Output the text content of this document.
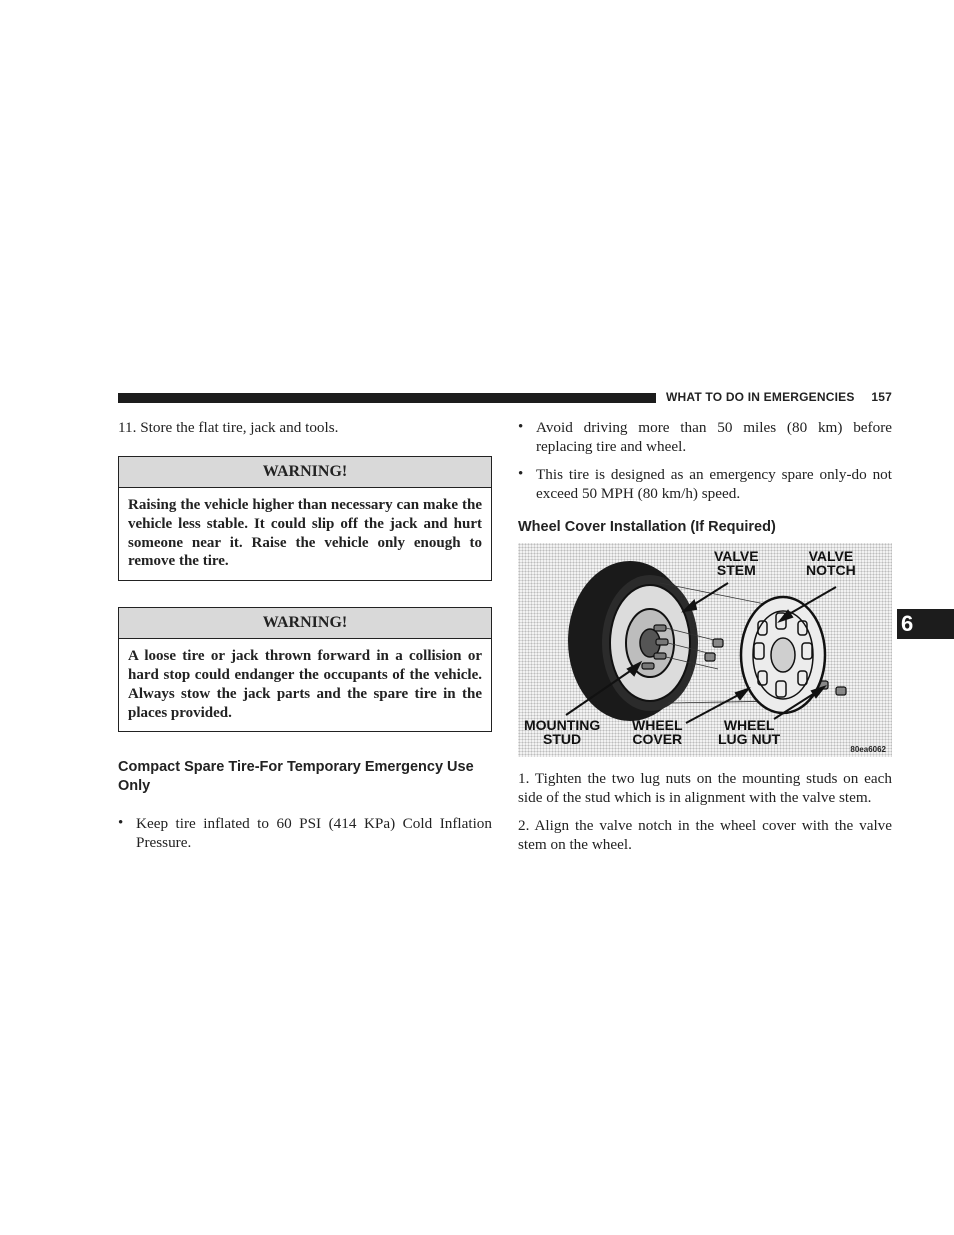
WHAT TO DO IN EMERGENCIES 157
6

11. Store the flat tire, jack and tools.

WARNING!
Raising the vehicle higher than necessary can make the vehicle less stable. It could slip off the jack and hurt someone near it. Raise the vehicle only enough to remove the tire.
WARNING!
A loose tire or jack thrown forward in a collision or hard stop could endanger the occupants of the vehicle. Always stow the jack parts and the spare tire in the places provided.
Compact Spare Tire-For Temporary Emergency Use Only
• Keep tire inflated to 60 PSI (414 KPa) Cold Inflation Pressure.

• Avoid driving more than 50 miles (80 km) before replacing tire and wheel.

• This tire is designed as an emergency spare only-do not exceed 50 MPH (80 km/h) speed.

Wheel Cover Installation (If Required)
VALVE
STEM
VALVE
NOTCH
MOUNTING
STUD
WHEEL
COVER
WHEEL
LUG NUT
80ea6062

1. Tighten the two lug nuts on the mounting studs on each side of the stud which is in alignment with the valve stem.

2. Align the valve notch in the wheel cover with the valve stem on the wheel.
